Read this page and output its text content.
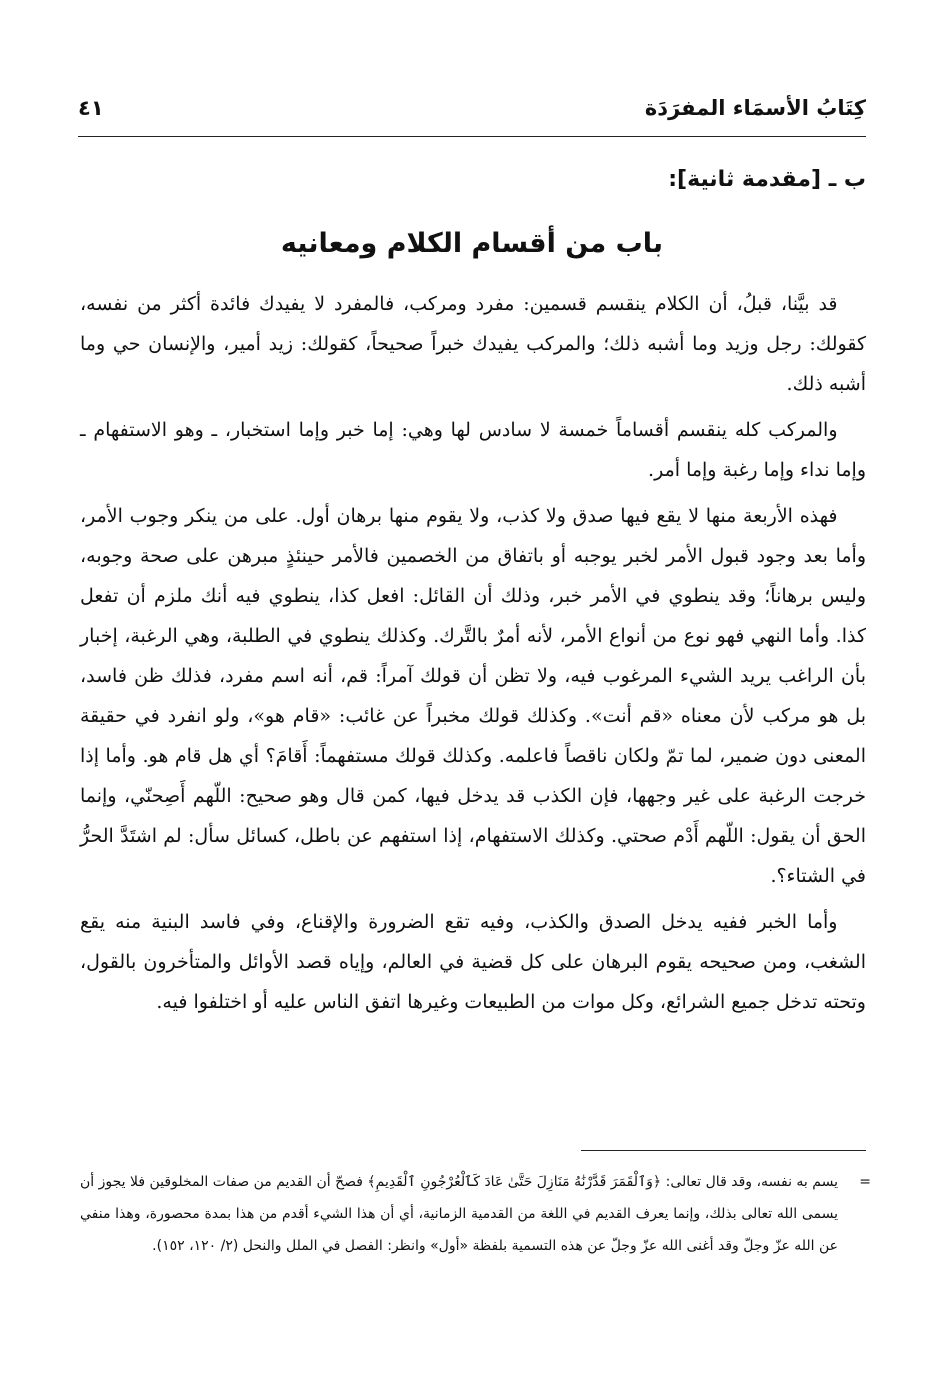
كِتَابُ الأسمَاء المفرَدَة
٤١
ب ـ [مقدمة ثانية]:
باب من أقسام الكلام ومعانيه

قد بيَّنا، قبلُ، أن الكلام ينقسم قسمين: مفرد ومركب، فالمفرد لا يفيدك فائدة أكثر من نفسه، كقولك: رجل وزيد وما أشبه ذلك؛ والمركب يفيدك خبراً صحيحاً، كقولك: زيد أمير، والإنسان حي وما أشبه ذلك.

والمركب كله ينقسم أقساماً خمسة لا سادس لها وهي: إما خبر وإما استخبار، ـ وهو الاستفهام ـ وإما نداء وإما رغبة وإما أمر.

فهذه الأربعة منها لا يقع فيها صدق ولا كذب، ولا يقوم منها برهان أول. على من ينكر وجوب الأمر، وأما بعد وجود قبول الأمر لخبر يوجبه أو باتفاق من الخصمين فالأمر حينئذٍ مبرهن على صحة وجوبه، وليس برهاناً؛ وقد ينطوي في الأمر خبر، وذلك أن القائل: افعل كذا، ينطوي فيه أنك ملزم أن تفعل كذا. وأما النهي فهو نوع من أنواع الأمر، لأنه أمرٌ بالتَّرك. وكذلك ينطوي في الطلبة، وهي الرغبة، إخبار بأن الراغب يريد الشيء المرغوب فيه، ولا تظن أن قولك آمراً: قم، أنه اسم مفرد، فذلك ظن فاسد، بل هو مركب لأن معناه «قم أنت». وكذلك قولك مخبراً عن غائب: «قام هو»، ولو انفرد في حقيقة المعنى دون ضمير، لما تمّ ولكان ناقصاً فاعلمه. وكذلك قولك مستفهماً: أَقامَ؟ أي هل قام هو. وأما إذا خرجت الرغبة على غير وجهها، فإن الكذب قد يدخل فيها، كمن قال وهو صحيح: اللّهم أَصِحنّي، وإنما الحق أن يقول: اللّهم أَدْم صحتي. وكذلك الاستفهام، إذا استفهم عن باطل، كسائل سأل: لم اشتَدَّ الحرُّ في الشتاء؟.

وأما الخبر ففيه يدخل الصدق والكذب، وفيه تقع الضرورة والإقناع، وفي فاسد البنية منه يقع الشغب، ومن صحيحه يقوم البرهان على كل قضية في العالم، وإياه قصد الأوائل والمتأخرون بالقول، وتحته تدخل جميع الشرائع، وكل موات من الطبيعات وغيرها اتفق الناس عليه أو اختلفوا فيه.

=
يسم به نفسه، وقد قال تعالى: ﴿وَٱلْقَمَرَ قَدَّرْنَٰهُ مَنَازِلَ حَتَّىٰ عَادَ كَٱلْعُرْجُونِ ٱلْقَدِيمِ﴾ فصحّ أن القديم من صفات المخلوقين فلا يجوز أن يسمى الله تعالى بذلك، وإنما يعرف القديم في اللغة من القدمية الزمانية، أي أن هذا الشيء أقدم من هذا بمدة محصورة، وهذا منفي عن الله عزّ وجلّ وقد أغنى الله عزّ وجلّ عن هذه التسمية بلفظة «أول» وانظر: الفصل في الملل والنحل (٢/ ١٢٠، ١٥٢).
